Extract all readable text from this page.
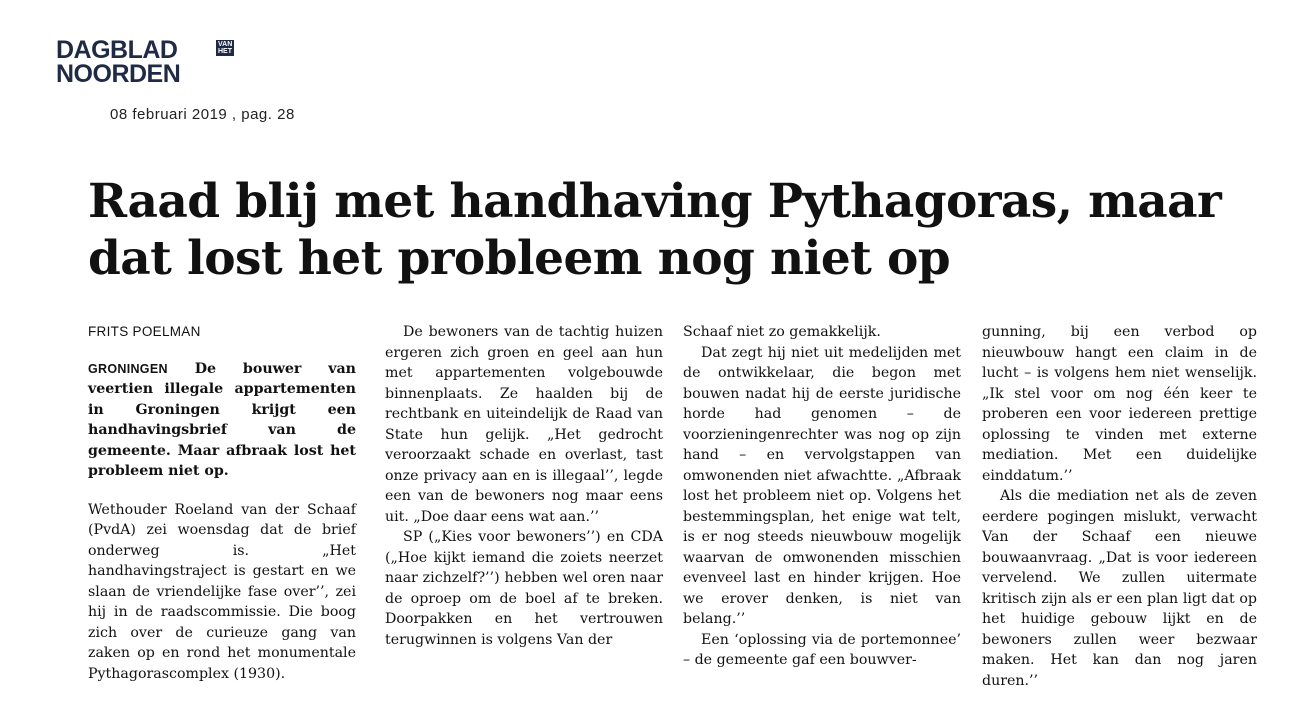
DAGBLAD
NOORDEN
VAN
HET
08 februari 2019 , pag. 28
Raad blij met handhaving Pythagoras, maar dat lost het probleem nog niet op

FRITS POELMAN

GRONINGEN De bouwer van veertien illegale appartementen in Groningen krijgt een handhavingsbrief van de gemeente. Maar afbraak lost het probleem niet op.

Wethouder Roeland van der Schaaf (PvdA) zei woensdag dat de brief onderweg is. „Het handhavingstraject is gestart en we slaan de vriendelijke fase over’’, zei hij in de raadscommissie. Die boog zich over de curieuze gang van zaken op en rond het monumentale Pythagorascomplex (1930).

De bewoners van de tachtig huizen ergeren zich groen en geel aan hun met appartementen volgebouwde binnenplaats. Ze haalden bij de rechtbank en uiteindelijk de Raad van State hun gelijk. „Het gedrocht veroorzaakt schade en overlast, tast onze privacy aan en is illegaal’’, legde een van de bewoners nog maar eens uit. „Doe daar eens wat aan.’’

SP („Kies voor bewoners’’) en CDA („Hoe kijkt iemand die zoiets neerzet naar zichzelf?’’) hebben wel oren naar de oproep om de boel af te breken. Doorpakken en het vertrouwen terugwinnen is volgens Van der

Schaaf niet zo gemakkelijk.

Dat zegt hij niet uit medelijden met de ontwikkelaar, die begon met bouwen nadat hij de eerste juridische horde had genomen – de voorzieningenrechter was nog op zijn hand – en vervolgstappen van omwonenden niet afwachtte. „Afbraak lost het probleem niet op. Volgens het bestemmingsplan, het enige wat telt, is er nog steeds nieuwbouw mogelijk waarvan de omwonenden misschien evenveel last en hinder krijgen. Hoe we erover denken, is niet van belang.’’

Een ‘oplossing via de portemonnee’ – de gemeente gaf een bouwver-

gunning, bij een verbod op nieuwbouw hangt een claim in de lucht – is volgens hem niet wenselijk. „Ik stel voor om nog één keer te proberen een voor iedereen prettige oplossing te vinden met externe mediation. Met een duidelijke einddatum.’’

Als die mediation net als de zeven eerdere pogingen mislukt, verwacht Van der Schaaf een nieuwe bouwaanvraag. „Dat is voor iedereen vervelend. We zullen uitermate kritisch zijn als er een plan ligt dat op het huidige gebouw lijkt en de bewoners zullen weer bezwaar maken. Het kan dan nog jaren duren.’’
